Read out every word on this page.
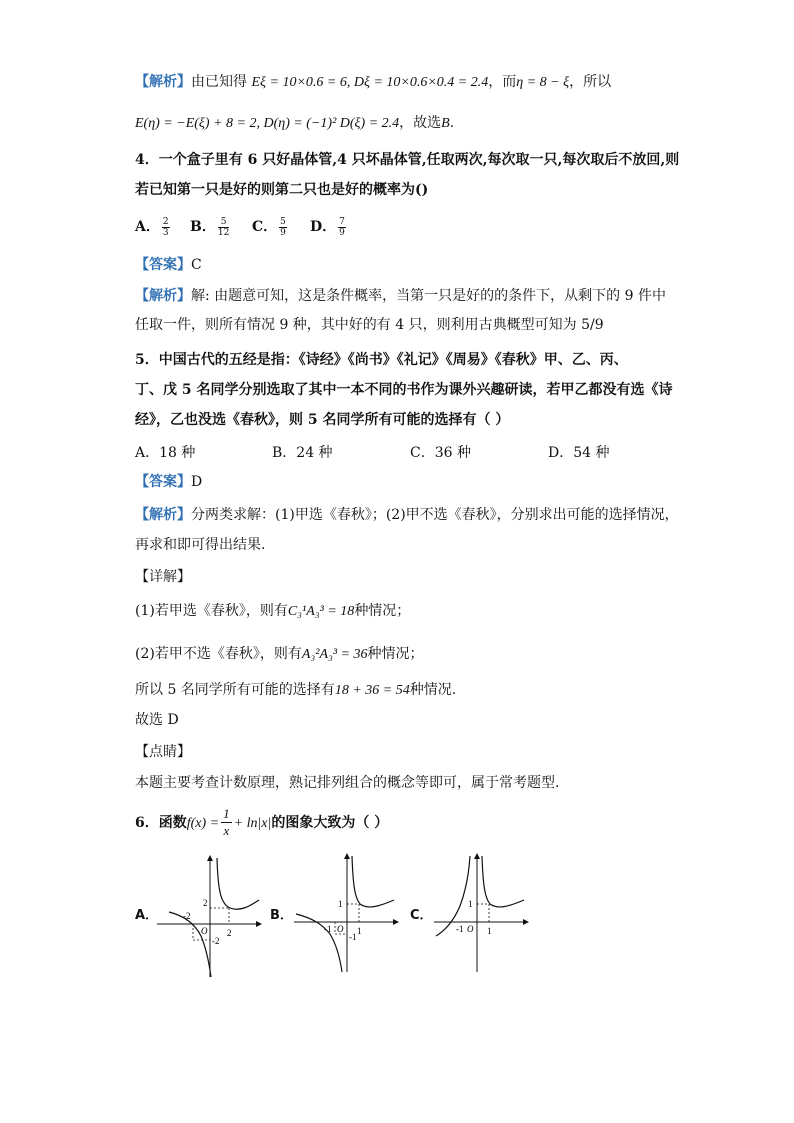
【解析】由已知得 Eξ = 10×0.6 = 6, Dξ = 10×0.6×0.4 = 2.4，而η = 8 − ξ，所以
E(η) = −E(ξ) + 8 = 2, D(η) = (−1)² D(ξ) = 2.4，故选B.
4．一个盒子里有 6 只好晶体管,4 只坏晶体管,任取两次,每次取一只,每次取后不放回,则
若已知第一只是好的则第二只也是好的概率为()
A． $\frac{2}{3}$ B． $\frac{5}{12}$ C． $\frac{5}{9}$ D． $\frac{7}{9}$
【答案】C
【解析】解: 由题意可知，这是条件概率，当第一只是好的的条件下，从剩下的 9 件中
任取一件，则所有情况 9 种，其中好的有 4 只，则利用古典概型可知为 5/9
5．中国古代的五经是指：《诗经》《尚书》《礼记》《周易》《春秋》甲、乙、丙、
丁、戊 5 名同学分别选取了其中一本不同的书作为课外兴趣研读，若甲乙都没有选《诗
经》，乙也没选《春秋》，则 5 名同学所有可能的选择有（ ）
A．18 种	B．24 种	C．36 种	D．54 种
【答案】D
【解析】分两类求解：(1)甲选《春秋》；(2)甲不选《春秋》，分别求出可能的选择情况，
再求和即可得出结果.
【详解】
(1)若甲选《春秋》，则有C₃¹A₃³ = 18种情况；
(2)若甲不选《春秋》，则有A₃²A₃³ = 36种情况；
所以 5 名同学所有可能的选择有18 + 36 = 54种情况.
故选 D
【点睛】
本题主要考查计数原理，熟记排列组合的概念等即可，属于常考题型.
6．函数$f(x) = \frac{1}{x} + \ln|x|$的图象大致为（ ）
A．
2
-2
O
-2
2
B．
1
-1 O
-1
1
C．
1
-1 O 1
